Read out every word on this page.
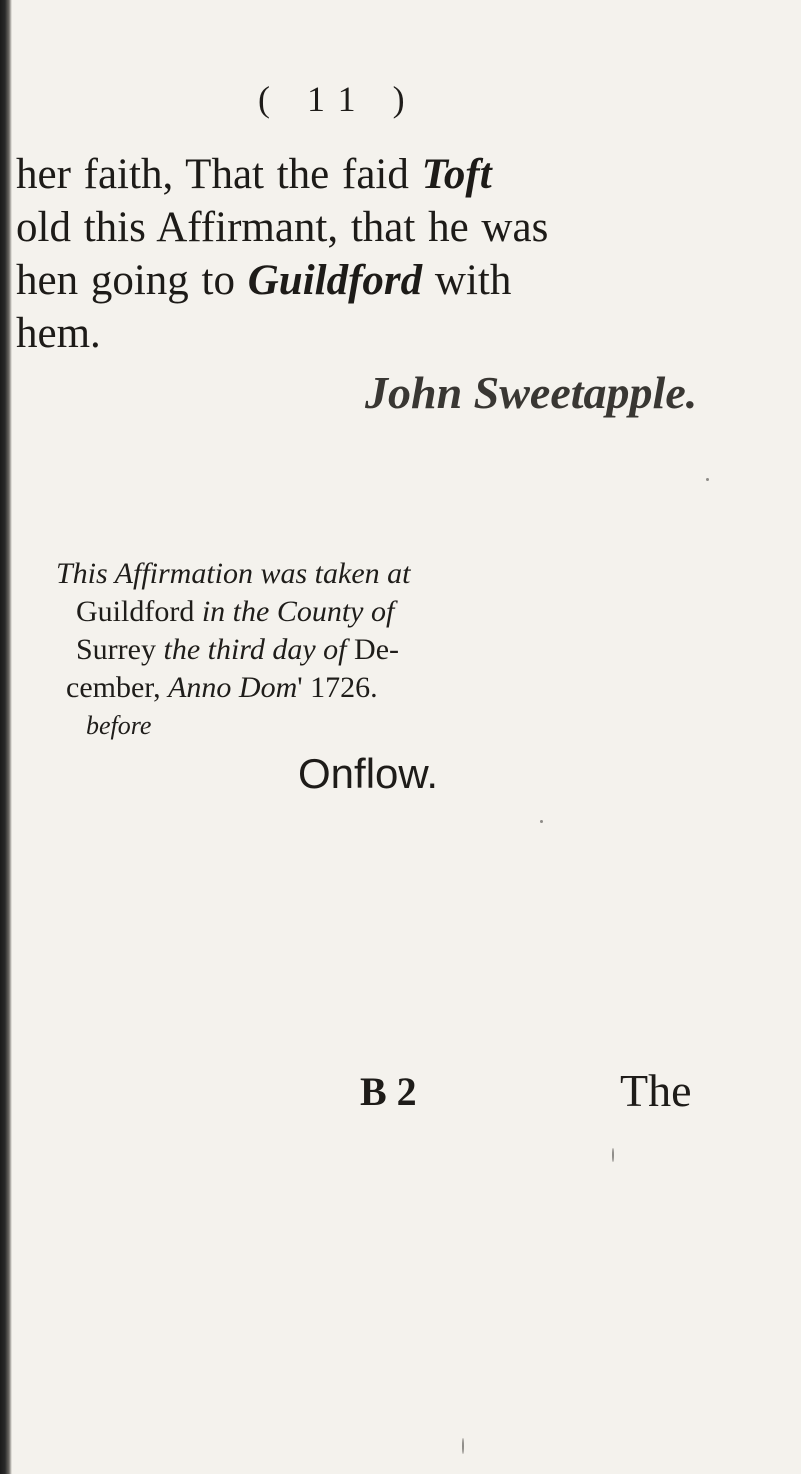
( 11 )
her faith, That the faid Toft
old this Affirmant, that he was
hen going to Guildford with
hem.
John Sweetapple.
This Affirmation was taken at
Guildford in the County of
Surrey the third day of De-
cember, Anno Dom' 1726.
before
Onflow.
B 2	The
